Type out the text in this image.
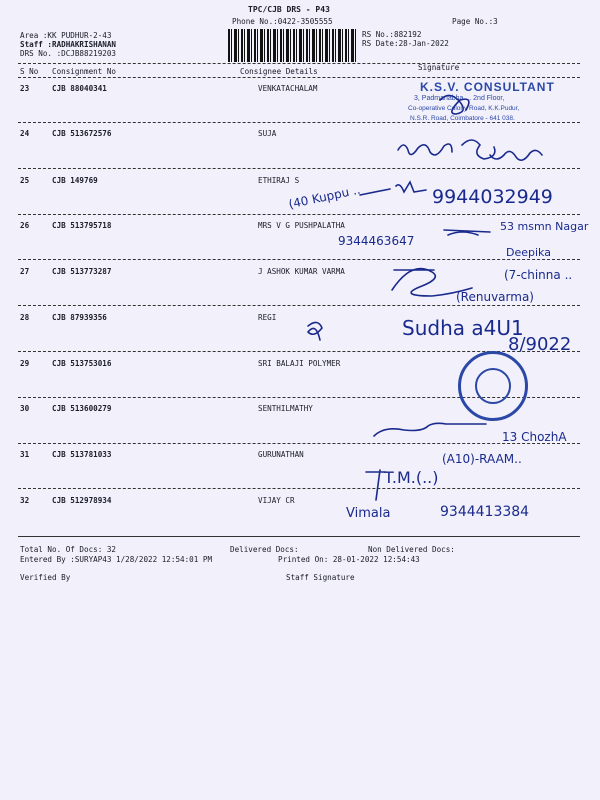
TPC/CJB DRS - P43
Phone No.:0422-3505555	Page No.:3
Area :KK PUDHUR-2-43
Staff :RADHAKRISHANAN
DRS No. :DCJB88219203
RS No.:882192
RS Date:28-Jan-2022
S No Consignment No	Consignee Details	Signature
23	CJB 88040341	VENKATACHALAM
24	CJB 513672576	SUJA
25	CJB 149769	ETHIRAJ S
26	CJB 513795718	MRS V G PUSHPALATHA
27	CJB 513773287	J ASHOK KUMAR VARMA
28	CJB 87939356	REGI
29	CJB 513753016	SRI BALAJI POLYMER
30	CJB 513600279	SENTHILMATHY
31	CJB 513781033	GURUNATHAN
32	CJB 512978934	VIJAY CR
K.S.V. CONSULTANT
3, Padmanabha ... 2nd Floor,
Co-operative Colony Road, K.K.Pudur,
N.S.R. Road, Coimbatore - 641 038.
9944032949
(40 Kuppu ..
9344463647
53 msmn Nagar
Deepika
(7-chinna ..
(Renuvarma)
Sudha a4U1
8/9022
13 ChozhA
(A10)-RAAM..
T.M.(..)
Vimala	9344413384
Total No. Of Docs: 32	Delivered Docs:	Non Delivered Docs:
Entered By :SURYAP43 1/28/2022 12:54:01 PM	Printed On: 28-01-2022 12:54:43
Verified By	Staff Signature
